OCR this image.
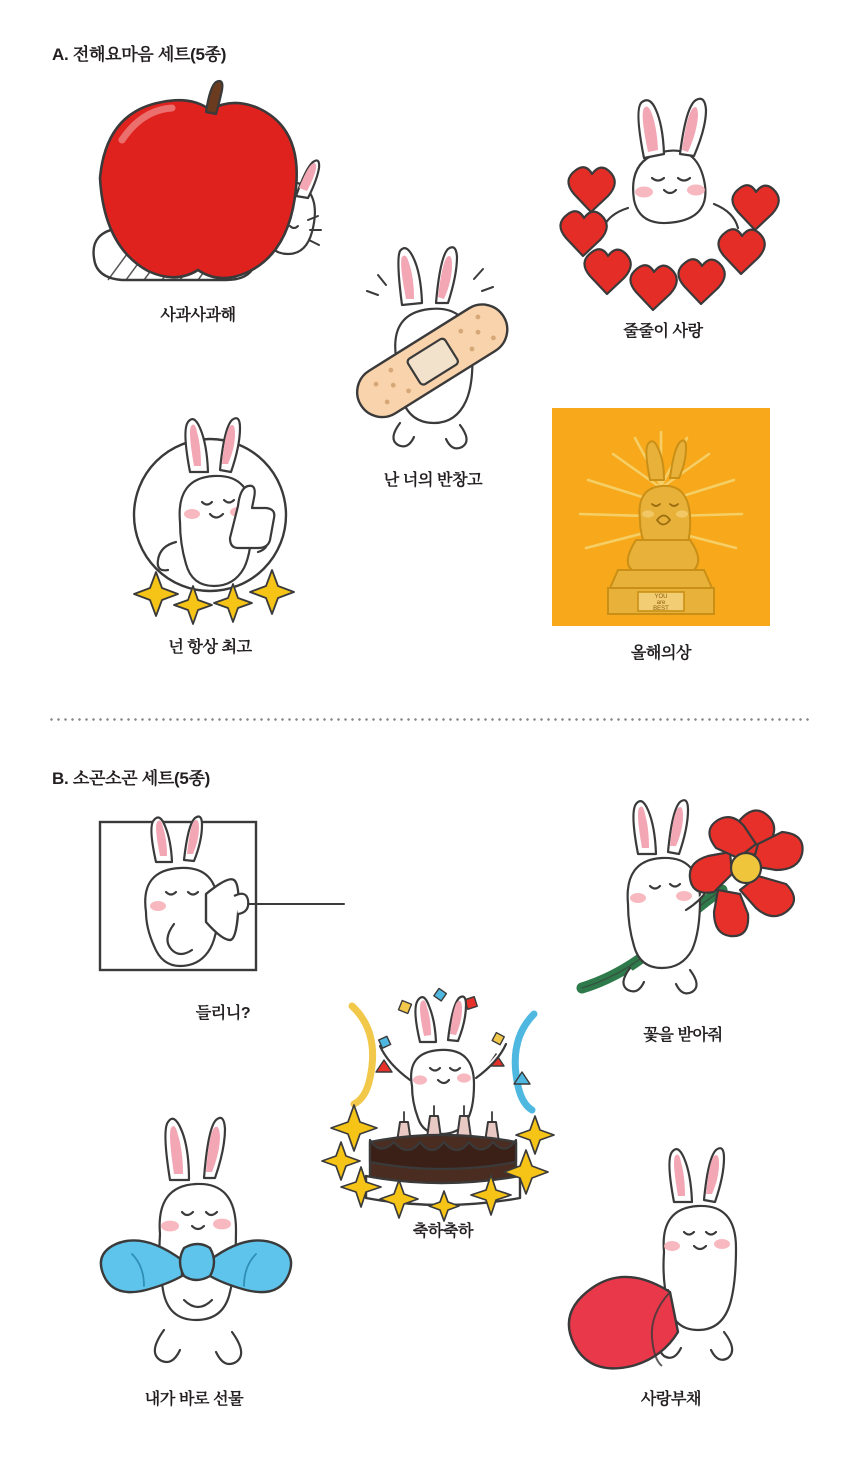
A. 전해요마음 세트(5종)
사과사과해
줄줄이 사랑
난 너의 반창고
넌 항상 최고
YOU
are
BEST
올해의상
B. 소곤소곤 세트(5종)
들리니?
꽃을 받아줘
축하축하
내가 바로 선물	사랑부채
